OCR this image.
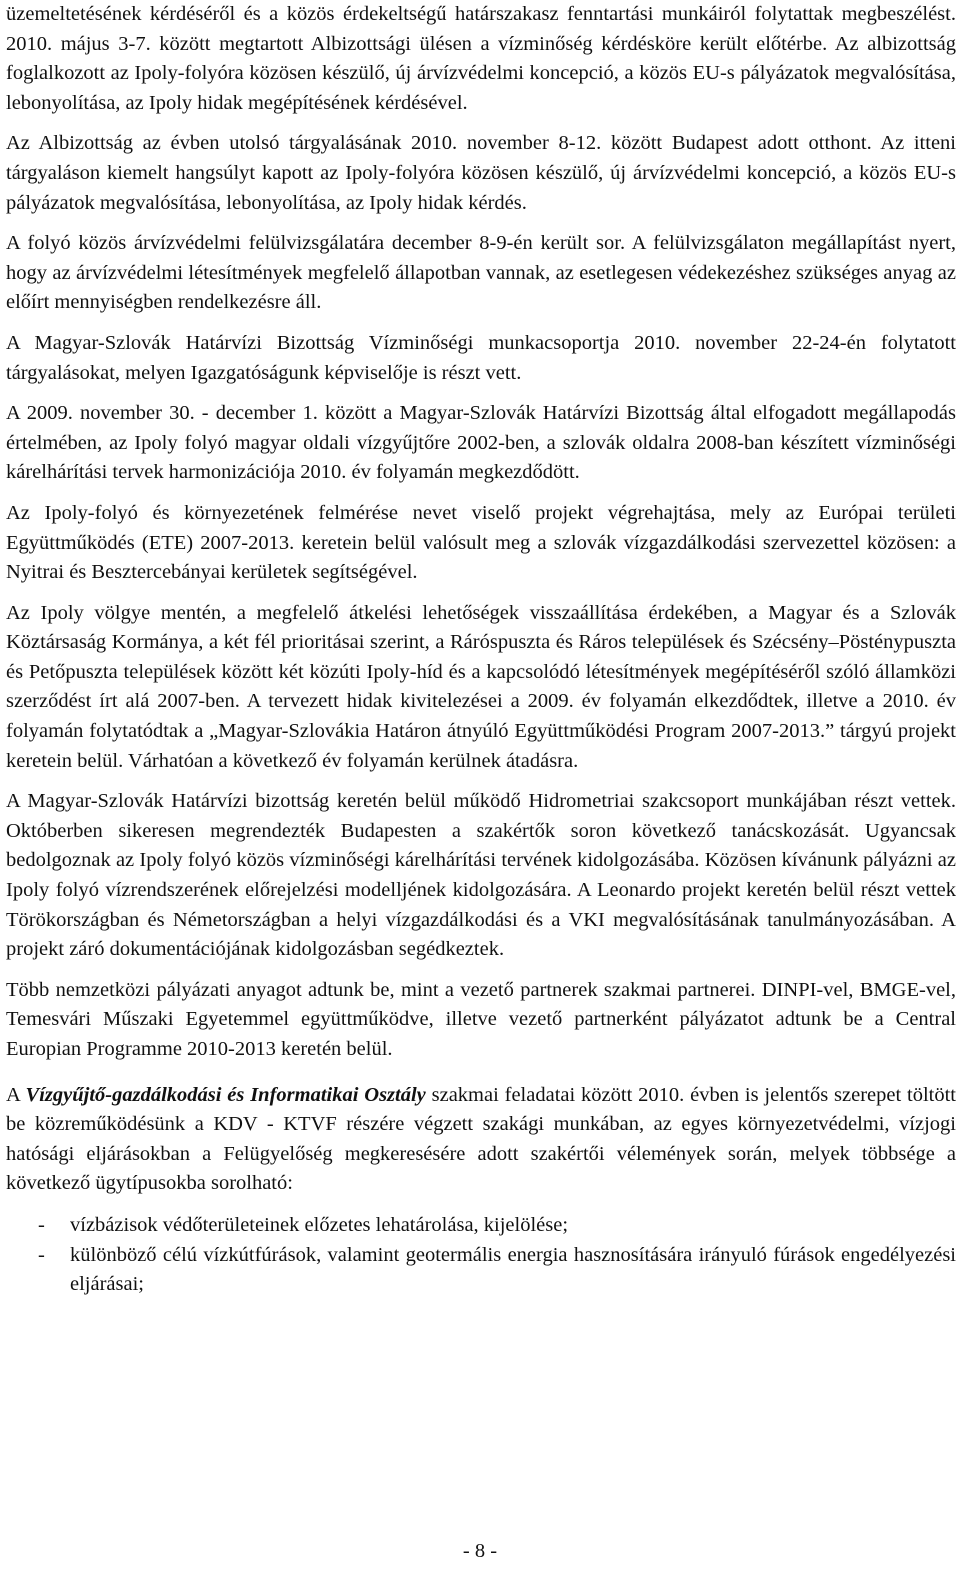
üzemeltetésének kérdéséről és a közös érdekeltségű határszakasz fenntartási munkáiról folytattak megbeszélést. 2010. május 3-7. között megtartott Albizottsági ülésen a vízminőség kérdésköre került előtérbe. Az albizottság foglalkozott az Ipoly-folyóra közösen készülő, új árvízvédelmi koncepció, a közös EU-s pályázatok megvalósítása, lebonyolítása, az Ipoly hidak megépítésének kérdésével.

Az Albizottság az évben utolsó tárgyalásának 2010. november 8-12. között Budapest adott otthont. Az itteni tárgyaláson kiemelt hangsúlyt kapott az Ipoly-folyóra közösen készülő, új árvízvédelmi koncepció, a közös EU-s pályázatok megvalósítása, lebonyolítása, az Ipoly hidak kérdés.

A folyó közös árvízvédelmi felülvizsgálatára december 8-9-én került sor. A felülvizsgálaton megállapítást nyert, hogy az árvízvédelmi létesítmények megfelelő állapotban vannak, az esetlegesen védekezéshez szükséges anyag az előírt mennyiségben rendelkezésre áll.

A Magyar-Szlovák Határvízi Bizottság Vízminőségi munkacsoportja 2010. november 22-24-én folytatott tárgyalásokat, melyen Igazgatóságunk képviselője is részt vett.

A 2009. november 30. - december 1. között a Magyar-Szlovák Határvízi Bizottság által elfogadott megállapodás értelmében, az Ipoly folyó magyar oldali vízgyűjtőre 2002-ben, a szlovák oldalra 2008-ban készített vízminőségi kárelhárítási tervek harmonizációja 2010. év folyamán megkezdődött.

Az Ipoly-folyó és környezetének felmérése nevet viselő projekt végrehajtása, mely az Európai területi Együttműködés (ETE) 2007-2013. keretein belül valósult meg a szlovák vízgazdálkodási szervezettel közösen: a Nyitrai és Besztercebányai kerületek segítségével.

Az Ipoly völgye mentén, a megfelelő átkelési lehetőségek visszaállítása érdekében, a Magyar és a Szlovák Köztársaság Kormánya, a két fél prioritásai szerint, a Ráróspuszta és Ráros települések és Szécsény–Pösténypuszta és Petőpuszta települések között két közúti Ipoly-híd és a kapcsolódó létesítmények megépítéséről szóló államközi szerződést írt alá 2007-ben. A tervezett hidak kivitelezései a 2009. év folyamán elkezdődtek, illetve a 2010. év folyamán folytatódtak a „Magyar-Szlovákia Határon átnyúló Együttműködési Program 2007-2013.” tárgyú projekt keretein belül. Várhatóan a következő év folyamán kerülnek átadásra.

A Magyar-Szlovák Határvízi bizottság keretén belül működő Hidrometriai szakcsoport munkájában részt vettek. Októberben sikeresen megrendezték Budapesten a szakértők soron következő tanácskozását. Ugyancsak bedolgoznak az Ipoly folyó közös vízminőségi kárelhárítási tervének kidolgozásába. Közösen kívánunk pályázni az Ipoly folyó vízrendszerének előrejelzési modelljének kidolgozására. A Leonardo projekt keretén belül részt vettek Törökországban és Németországban a helyi vízgazdálkodási és a VKI megvalósításának tanulmányozásában. A projekt záró dokumentációjának kidolgozásban segédkeztek.

Több nemzetközi pályázati anyagot adtunk be, mint a vezető partnerek szakmai partnerei. DINPI-vel, BMGE-vel, Temesvári Műszaki Egyetemmel együttműködve, illetve vezető partnerként pályázatot adtunk be a Central Europian Programme 2010-2013 keretén belül.

A Vízgyűjtő-gazdálkodási és Informatikai Osztály szakmai feladatai között 2010. évben is jelentős szerepet töltött be közreműködésünk a KDV - KTVF részére végzett szakági munkában, az egyes környezetvédelmi, vízjogi hatósági eljárásokban a Felügyelőség megkeresésére adott szakértői vélemények során, melyek többsége a következő ügytípusokba sorolható:

- vízbázisok védőterületeinek előzetes lehatárolása, kijelölése;
- különböző célú vízkútfúrások, valamint geotermális energia hasznosítására irányuló fúrások engedélyezési eljárásai;
- 8 -
